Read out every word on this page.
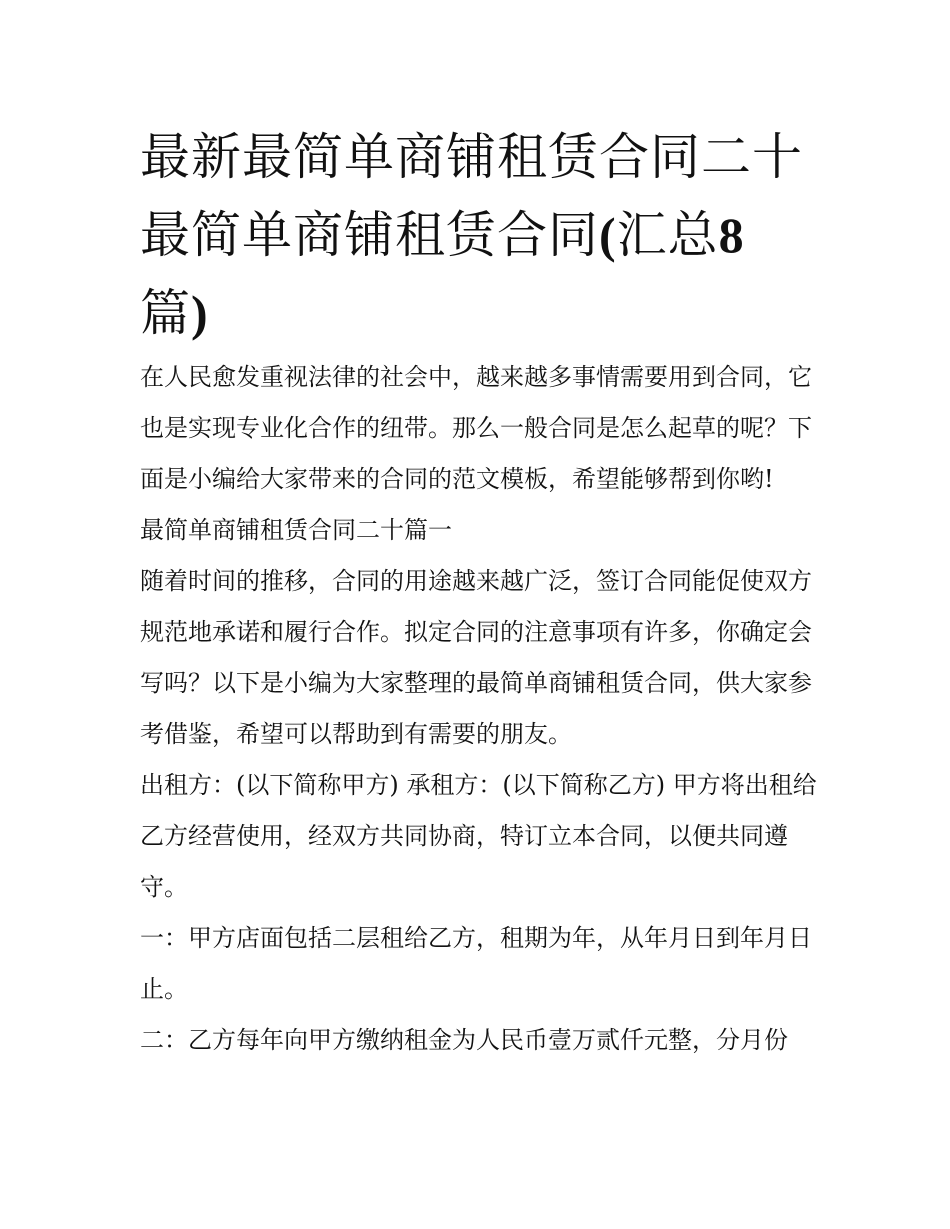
最新最简单商铺租赁合同二十最简单商铺租赁合同(汇总8
篇)

在人民愈发重视法律的社会中，越来越多事情需要用到合同，它也是实现专业化合作的纽带。那么一般合同是怎么起草的呢？下面是小编给大家带来的合同的范文模板，希望能够帮到你哟!

最简单商铺租赁合同二十篇一

随着时间的推移，合同的用途越来越广泛，签订合同能促使双方规范地承诺和履行合作。拟定合同的注意事项有许多，你确定会写吗？以下是小编为大家整理的最简单商铺租赁合同，供大家参考借鉴，希望可以帮助到有需要的朋友。

出租方：(以下简称甲方) 承租方：(以下简称乙方) 甲方将出租给乙方经营使用，经双方共同协商，特订立本合同，以便共同遵守。

一：甲方店面包括二层租给乙方，租期为年，从年月日到年月日止。

二：乙方每年向甲方缴纳租金为人民币壹万贰仟元整，分月份
